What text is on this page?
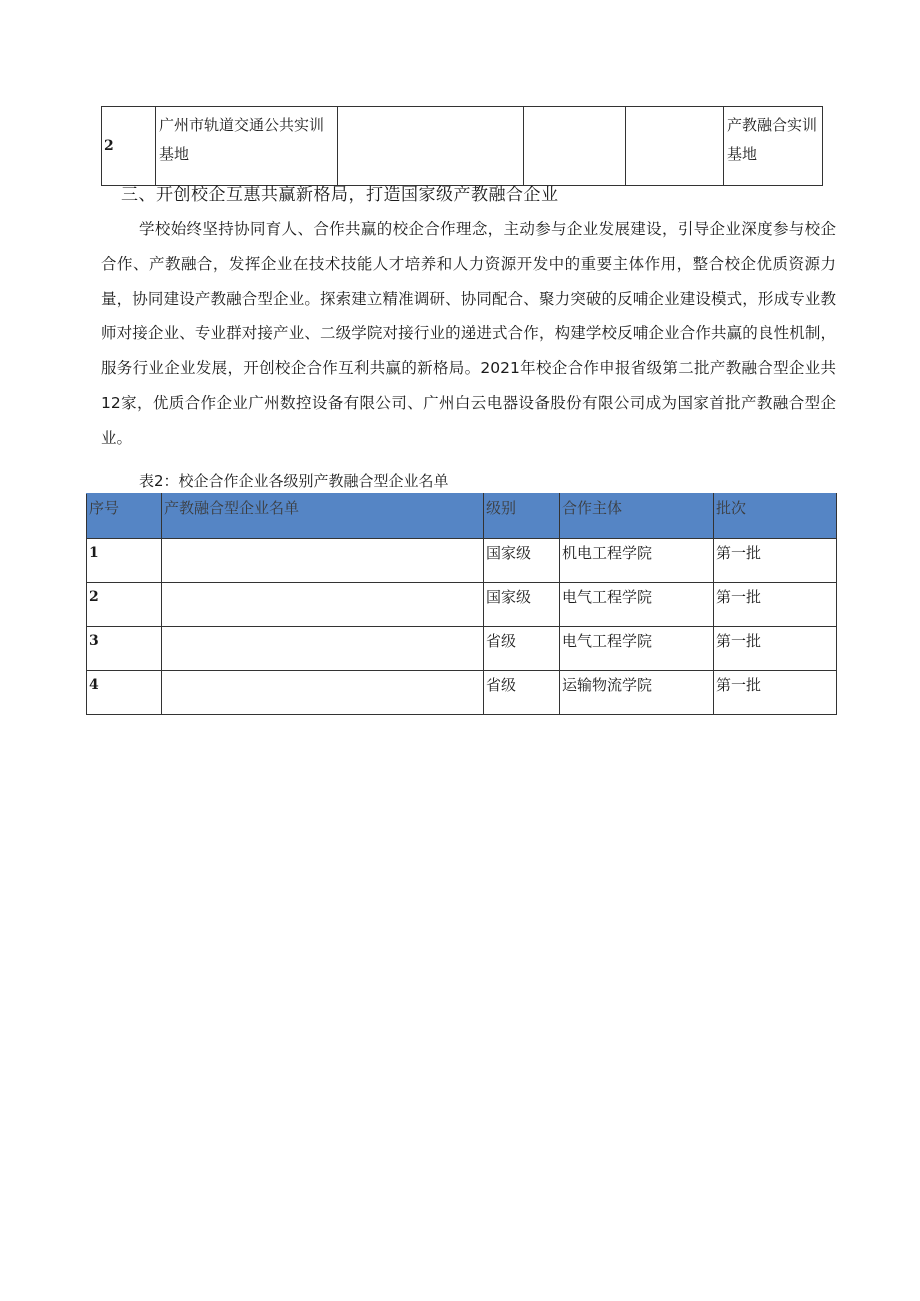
2	广州市轨道交通公共实训基地				产教融合实训基地
三、开创校企互惠共赢新格局，打造国家级产教融合企业

学校始终坚持协同育人、合作共赢的校企合作理念，主动参与企业发展建设，引导企业深度参与校企合作、产教融合，发挥企业在技术技能人才培养和人力资源开发中的重要主体作用，整合校企优质资源力量，协同建设产教融合型企业。探索建立精准调研、协同配合、聚力突破的反哺企业建设模式，形成专业教师对接企业、专业群对接产业、二级学院对接行业的递进式合作，构建学校反哺企业合作共赢的良性机制，服务行业企业发展，开创校企合作互利共赢的新格局。2021年校企合作申报省级第二批产教融合型企业共12家，优质合作企业广州数控设备有限公司、广州白云电器设备股份有限公司成为国家首批产教融合型企业。

表2：校企合作企业各级别产教融合型企业名单
序号	产教融合型企业名单	级别	合作主体	批次
1		国家级	机电工程学院	第一批
2		国家级	电气工程学院	第一批
3		省级	电气工程学院	第一批
4		省级	运输物流学院	第一批
